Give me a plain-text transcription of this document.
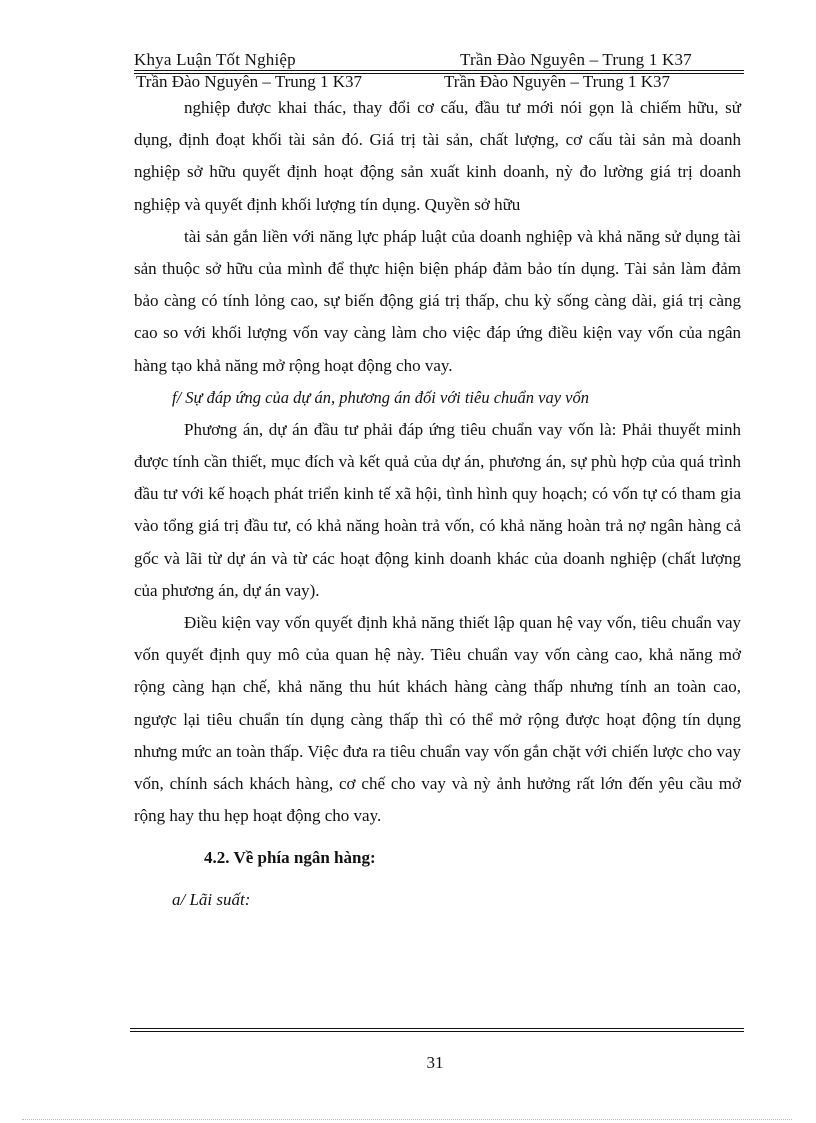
Khya Luận Tốt Nghiệp	Trần Đào Nguyên – Trung 1 K37
Trần Đào Nguyên – Trung 1 K37	Trần Đào Nguyên – Trung 1 K37

nghiệp được khai thác, thay đổi cơ cấu, đầu tư mới nói gọn là chiếm hữu, sử dụng, định đoạt khối tài sản đó. Giá trị tài sản, chất lượng, cơ cấu tài sản mà doanh nghiệp sở hữu quyết định hoạt động sản xuất kinh doanh, nỳ đo lường giá trị doanh nghiệp và quyết định khối lượng tín dụng. Quyền sở hữu

tài sản gắn liền với năng lực pháp luật của doanh nghiệp và khả năng sử dụng tài sản thuộc sở hữu của mình để thực hiện biện pháp đảm bảo tín dụng. Tài sản làm đảm bảo càng có tính lỏng cao, sự biến động giá trị thấp, chu kỳ sống càng dài, giá trị càng cao so với khối lượng vốn vay càng làm cho việc đáp ứng điều kiện vay vốn của ngân hàng tạo khả năng mở rộng hoạt động cho vay.

f/ Sự đáp ứng của dự án, phương án đối với tiêu chuẩn vay vốn

Phương án, dự án đầu tư phải đáp ứng tiêu chuẩn vay vốn là: Phải thuyết minh được tính cần thiết, mục đích và kết quả của dự án, phương án, sự phù hợp của quá trình đầu tư với kế hoạch phát triển kinh tế xã hội, tình hình quy hoạch; có vốn tự có tham gia vào tổng giá trị đầu tư, có khả năng hoàn trả vốn, có khả năng hoàn trả nợ ngân hàng cả gốc và lãi từ dự án và từ các hoạt động kinh doanh khác của doanh nghiệp (chất lượng của phương án, dự án vay).

Điều kiện vay vốn quyết định khả năng thiết lập quan hệ vay vốn, tiêu chuẩn vay vốn quyết định quy mô của quan hệ này. Tiêu chuẩn vay vốn càng cao, khả năng mở rộng càng hạn chế, khả năng thu hút khách hàng càng thấp nhưng tính an toàn cao, ngược lại tiêu chuẩn tín dụng càng thấp thì có thể mở rộng được hoạt động tín dụng nhưng mức an toàn thấp. Việc đưa ra tiêu chuẩn vay vốn gắn chặt với chiến lược cho vay vốn, chính sách khách hàng, cơ chế cho vay và nỳ ảnh hưởng rất lớn đến yêu cầu mở rộng hay thu hẹp hoạt động cho vay.

4.2. Về phía ngân hàng:

a/ Lãi suất:

31
